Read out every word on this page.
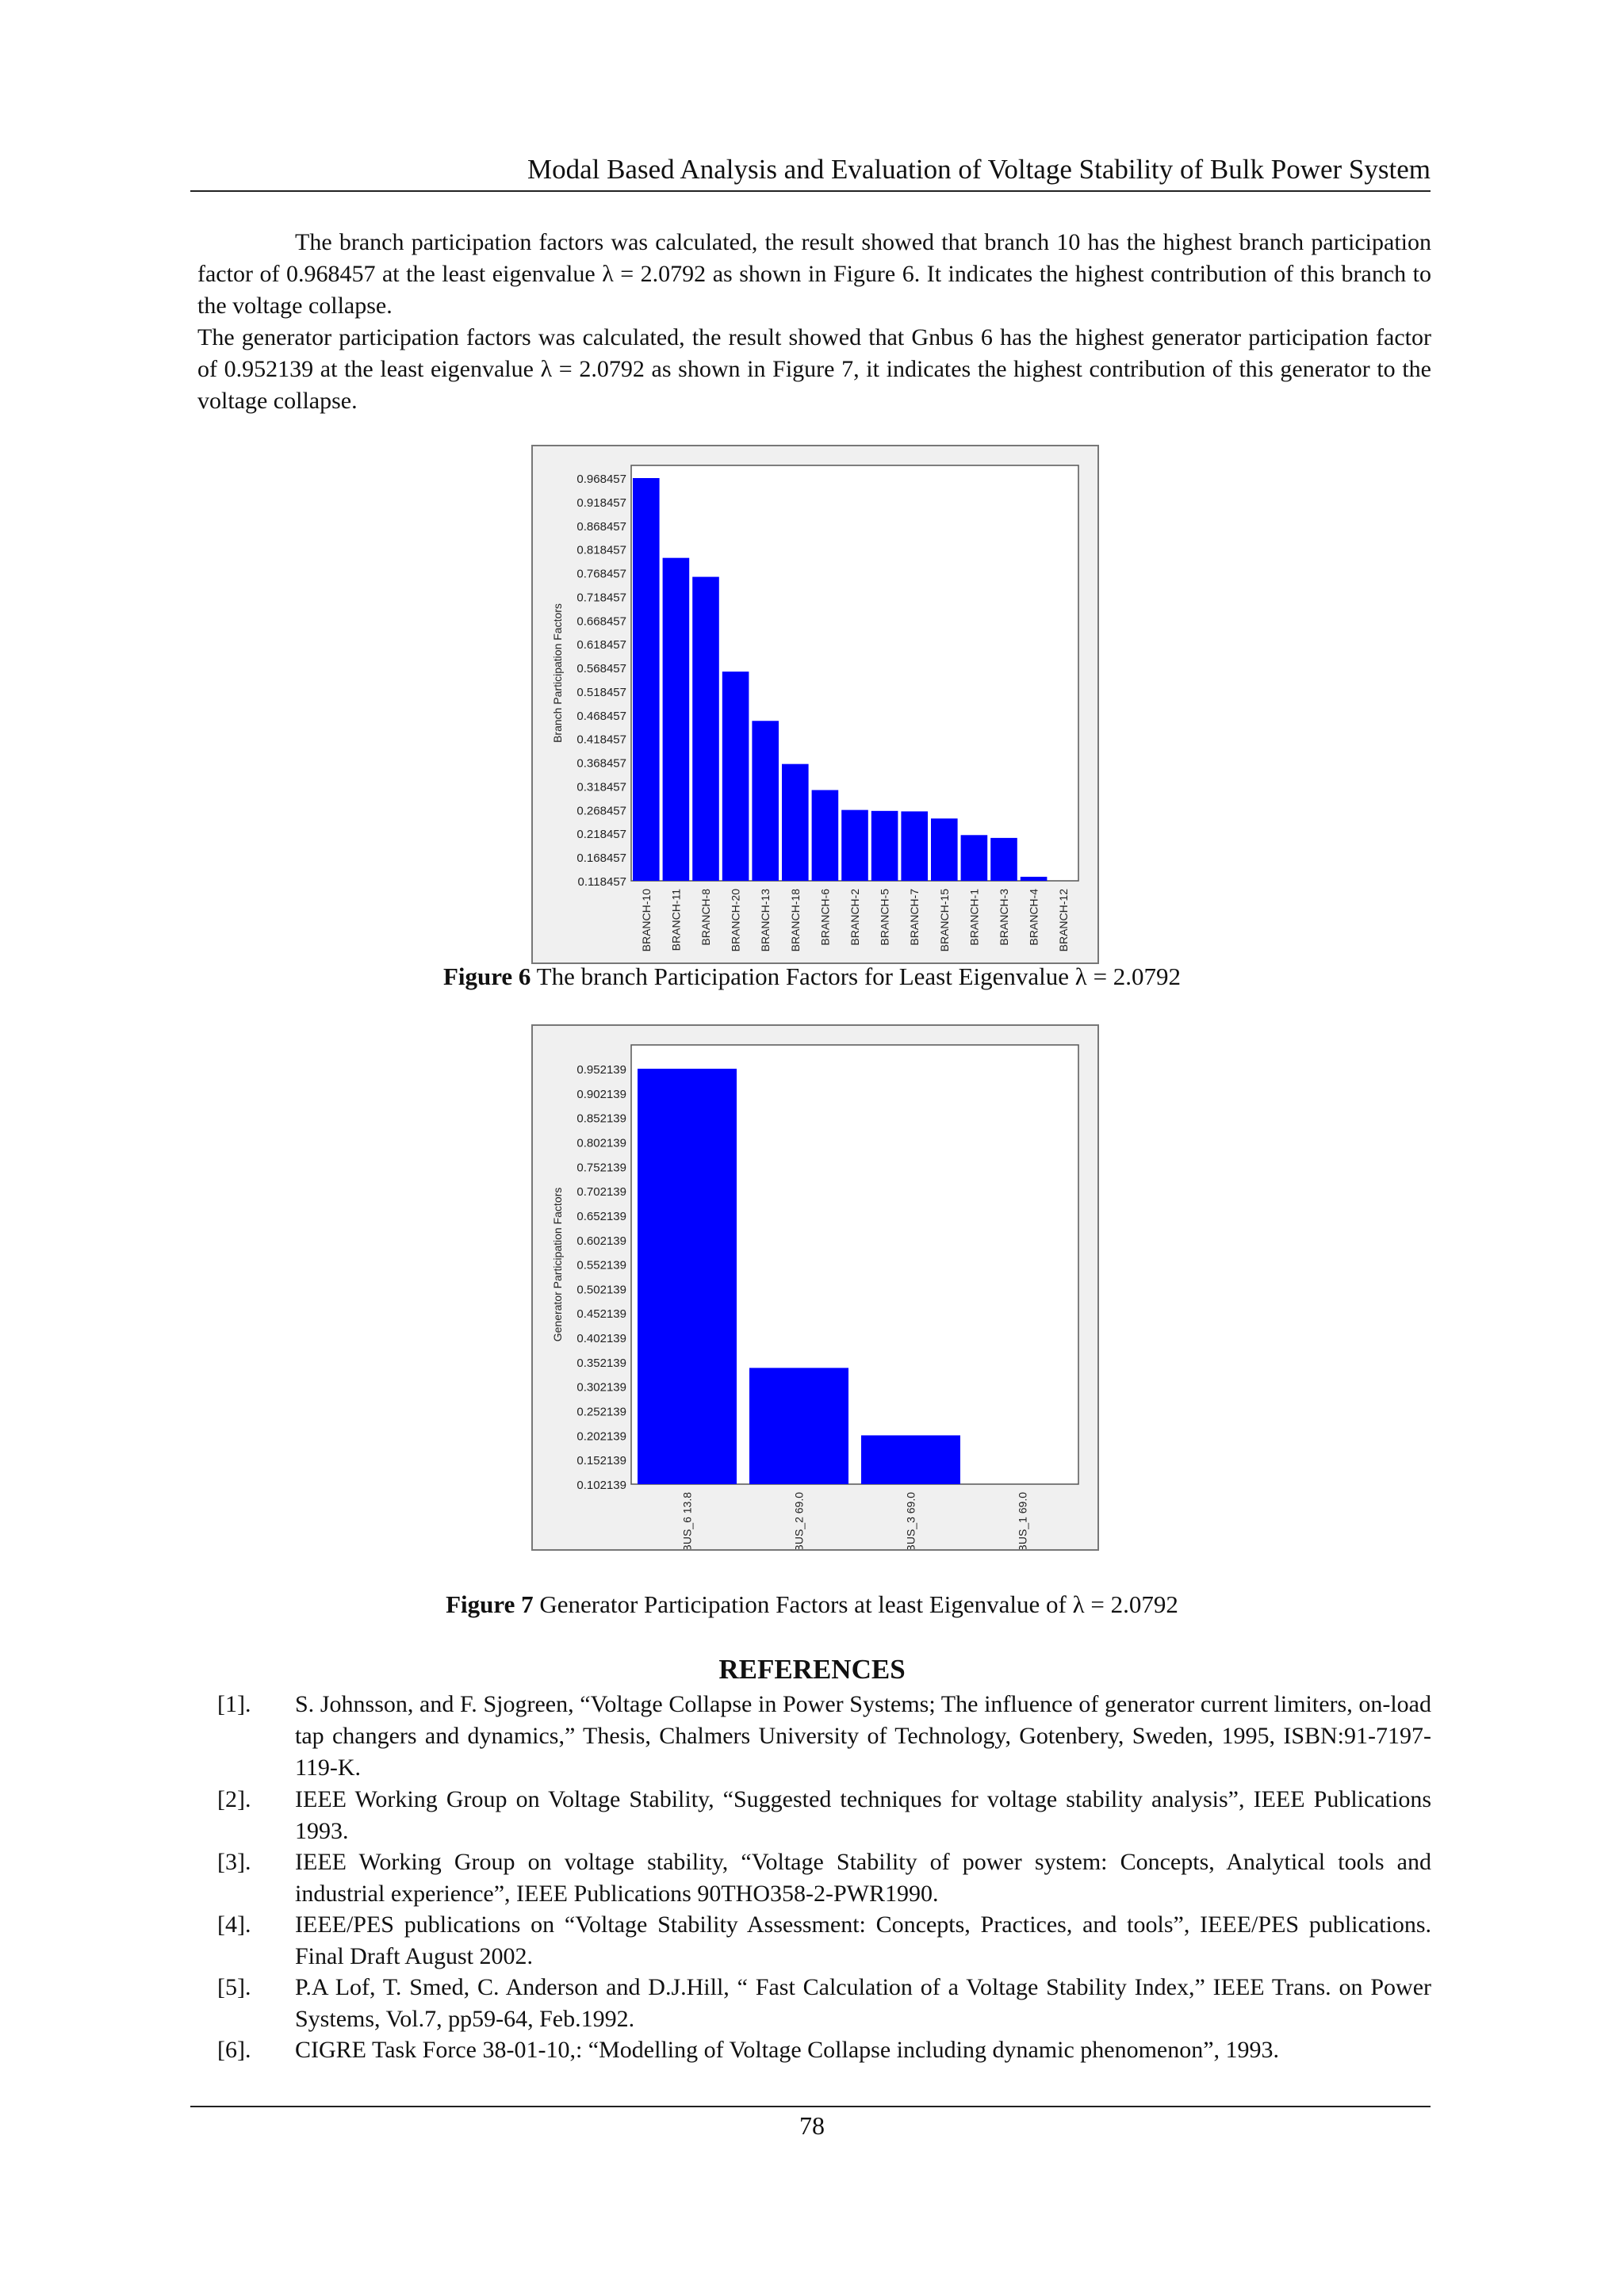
Modal Based Analysis and Evaluation of Voltage Stability of Bulk Power System

The branch participation factors was calculated, the result showed that branch 10 has the highest branch participation factor of 0.968457 at the least eigenvalue λ = 2.0792 as shown in Figure 6. It indicates the highest contribution of this branch to the voltage collapse.

The generator participation factors was calculated, the result showed that Gnbus 6 has the highest generator participation factor of 0.952139 at the least eigenvalue λ = 2.0792 as shown in Figure 7, it indicates the highest contribution of this generator to the voltage collapse.

0.968457
0.918457
0.868457
0.818457
0.768457
0.718457
0.668457
0.618457
0.568457
0.518457
0.468457
0.418457
0.368457
0.318457
0.268457
0.218457
0.168457
0.118457
Branch Participation Factors
BRANCH-10 BRANCH-11 BRANCH-8 BRANCH-20 BRANCH-13 BRANCH-18 BRANCH-6 BRANCH-2 BRANCH-5 BRANCH-7 BRANCH-15 BRANCH-1 BRANCH-3 BRANCH-4 BRANCH-12
Figure 6 The branch Participation Factors for Least Eigenvalue λ = 2.0792
0.952139
0.902139
0.852139
0.802139
0.752139
0.702139
0.652139
0.602139
0.552139
0.502139
0.452139
0.402139
0.352139
0.302139
0.252139
0.202139
0.152139
0.102139
Generator Participation Factors
GNBUS_6 13.8	GNBUS_2 69.0	GNBUS_3 69.0	GNBUS_1 69.0
Figure 7 Generator Participation Factors at least Eigenvalue of λ = 2.0792
REFERENCES
[1]. S. Johnsson, and F. Sjogreen, “Voltage Collapse in Power Systems; The influence of generator current limiters, on-load tap changers and dynamics,” Thesis, Chalmers University of Technology, Gotenbery, Sweden, 1995, ISBN:91-7197-119-K.
[2]. IEEE Working Group on Voltage Stability, “Suggested techniques for voltage stability analysis”, IEEE Publications 1993.
[3]. IEEE Working Group on voltage stability, “Voltage Stability of power system: Concepts, Analytical tools and industrial experience”, IEEE Publications 90THO358-2-PWR1990.
[4]. IEEE/PES publications on “Voltage Stability Assessment: Concepts, Practices, and tools”, IEEE/PES publications. Final Draft August 2002.
[5]. P.A Lof, T. Smed, C. Anderson and D.J.Hill, “ Fast Calculation of a Voltage Stability Index,” IEEE Trans. on Power Systems, Vol.7, pp59-64, Feb.1992.
[6]. CIGRE Task Force 38-01-10,: “Modelling of Voltage Collapse including dynamic phenomenon”, 1993.
78
